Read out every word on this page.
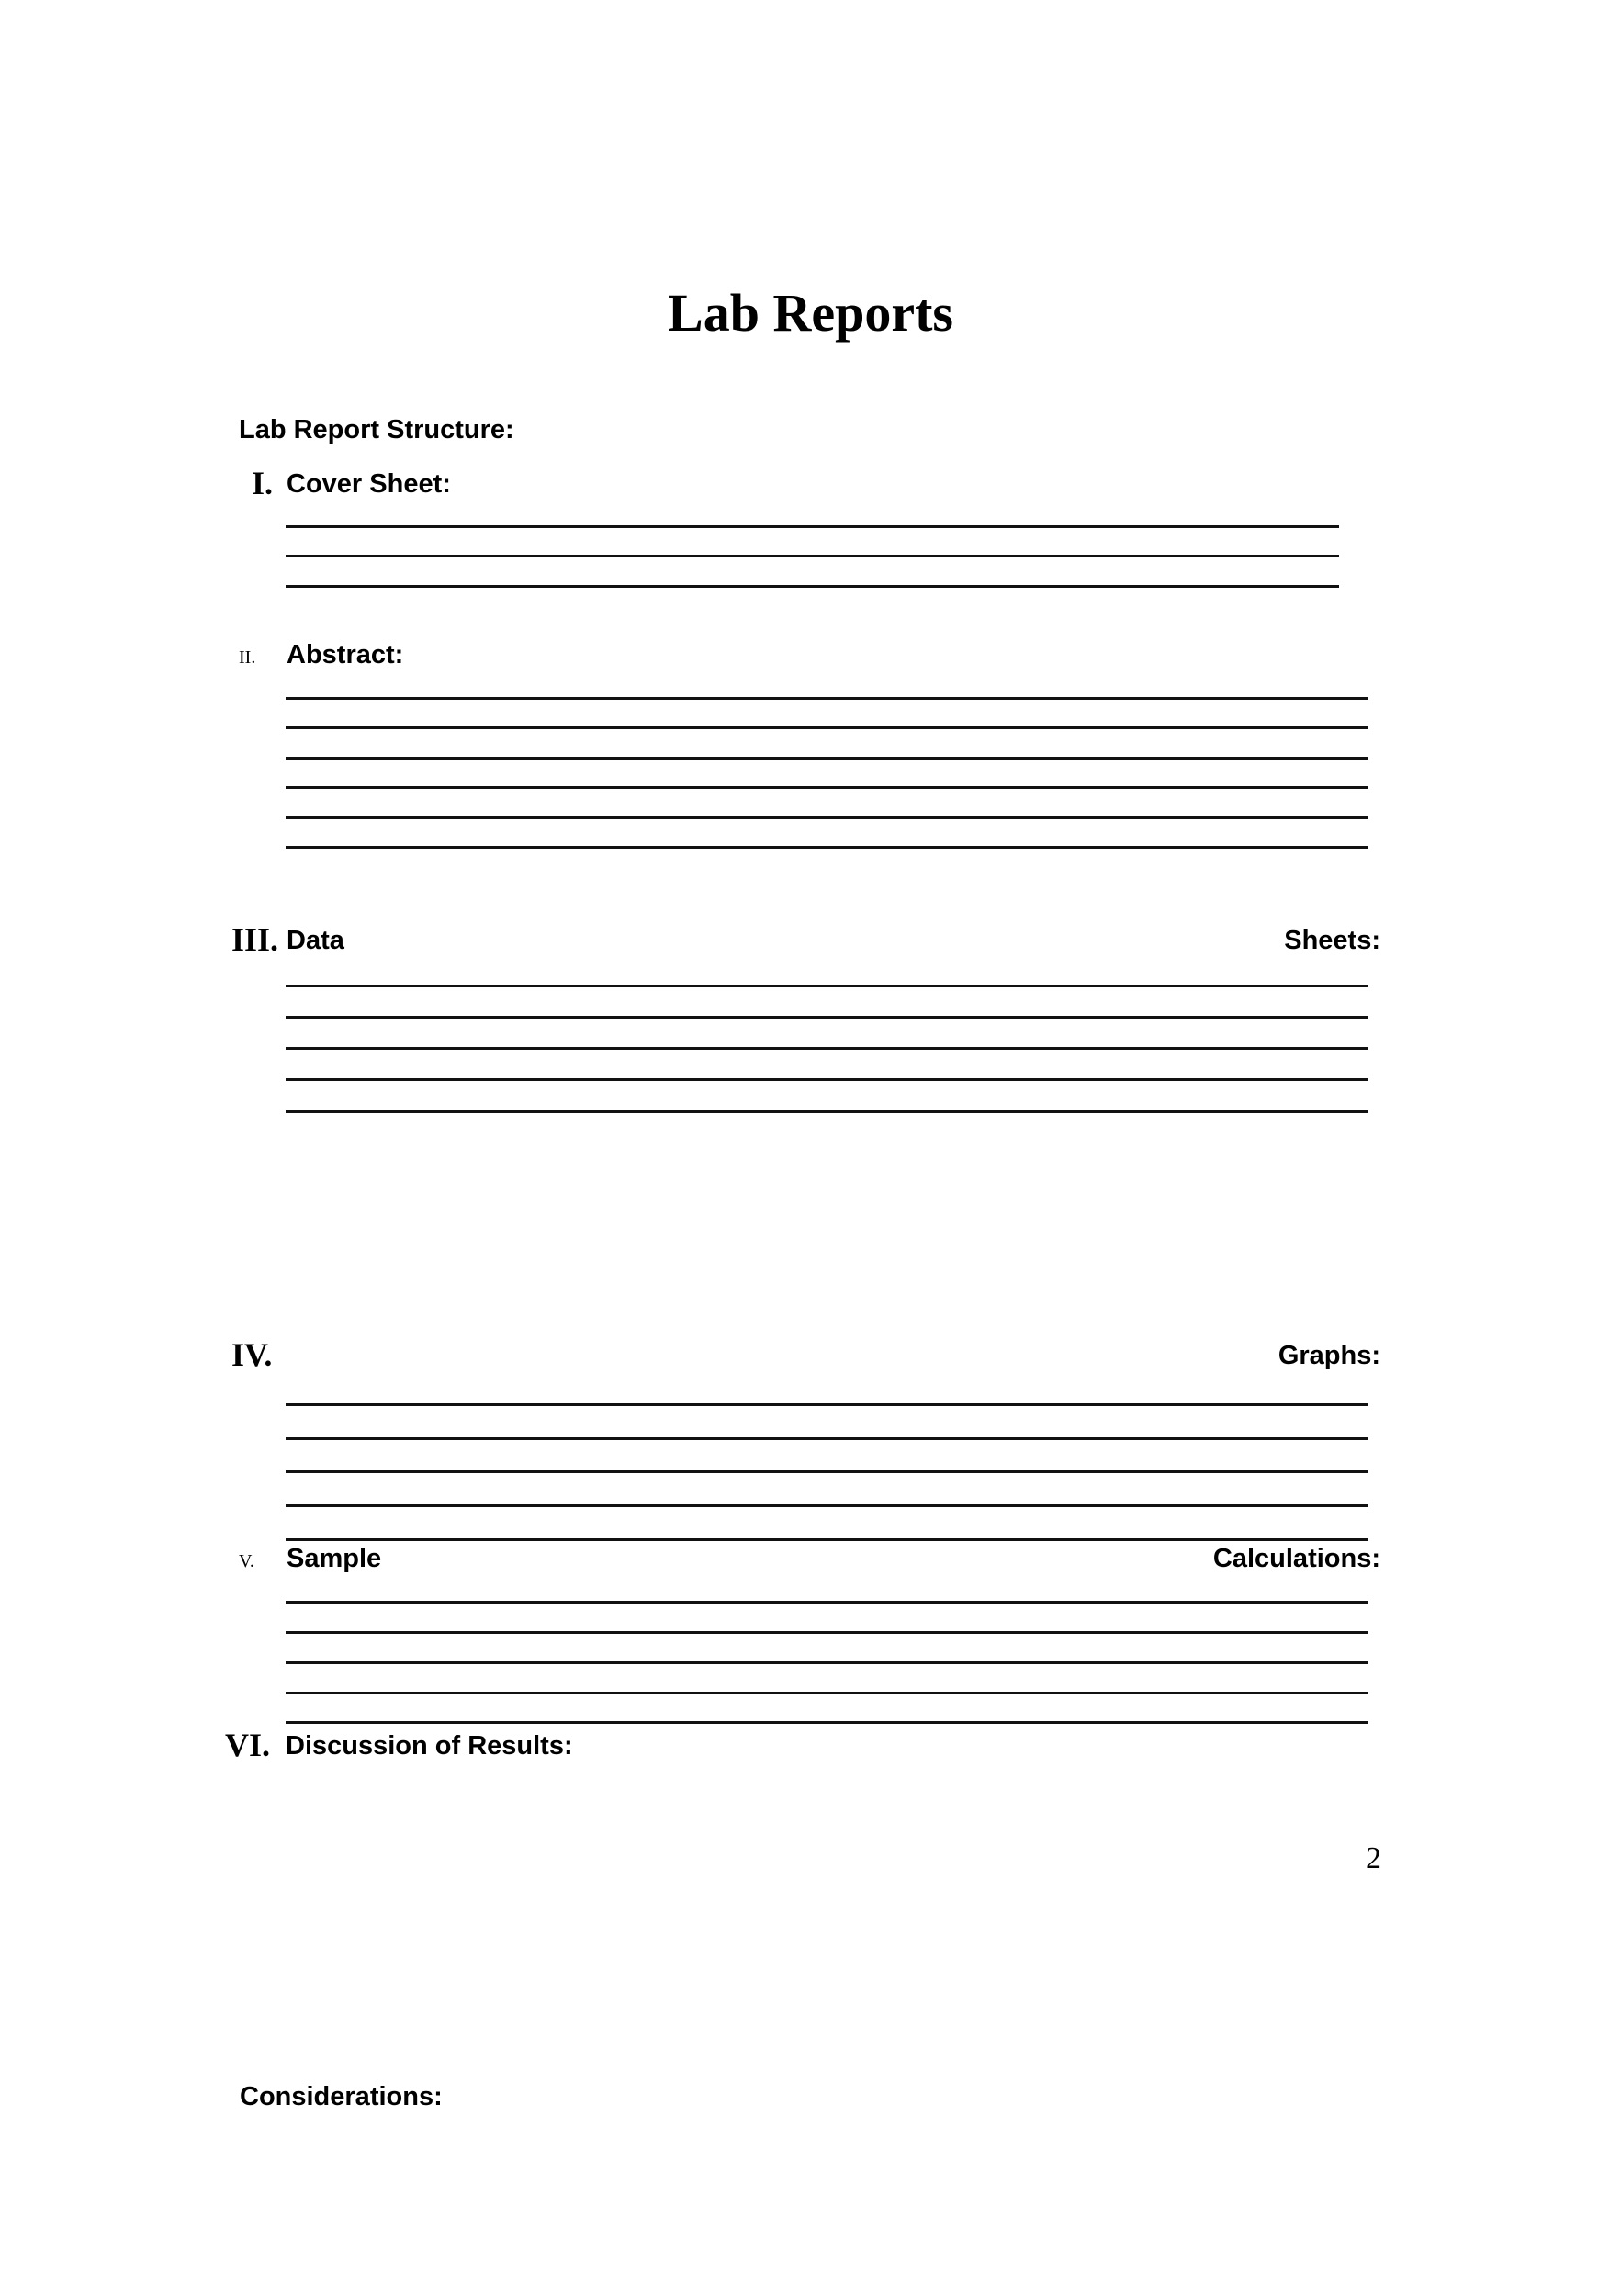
Lab Reports
Lab Report Structure:
I. Cover Sheet:
II. Abstract:
III. Data	Sheets:
IV.	Graphs:
V. Sample	Calculations:
VI. Discussion of Results:
2
Considerations:
